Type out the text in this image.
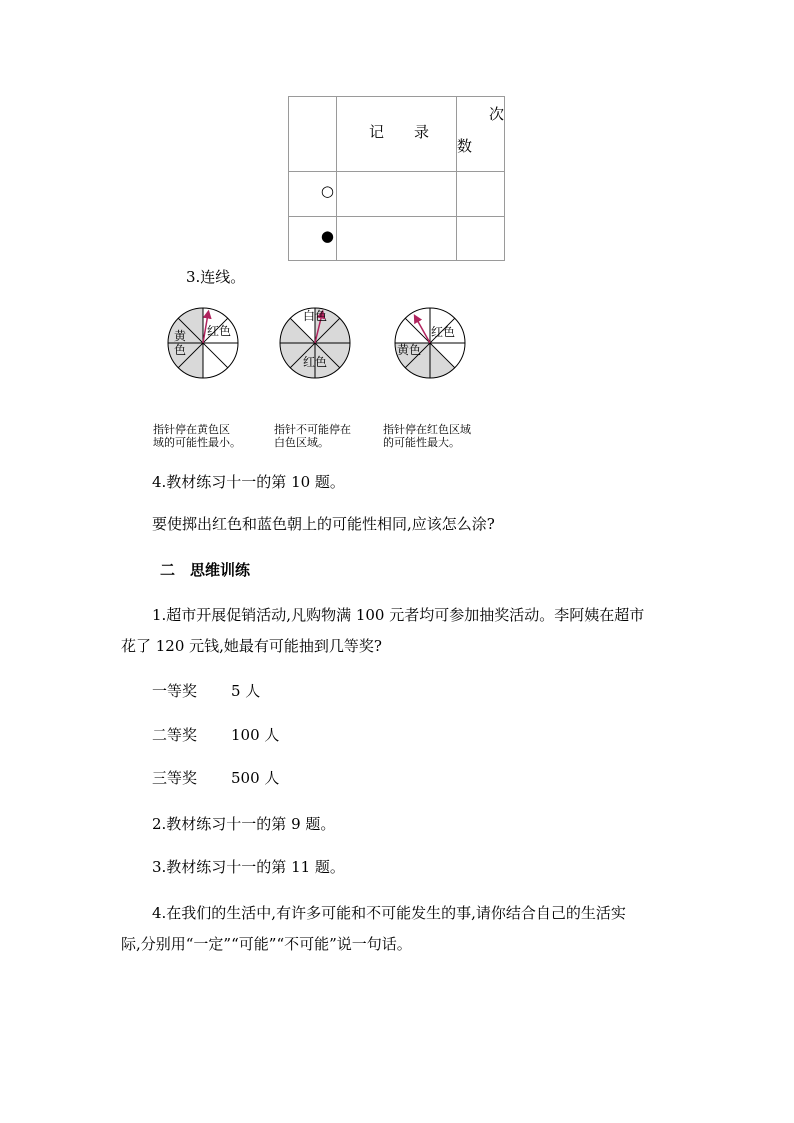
	记　　录	次
数

○		

●		

3.连线。
黄
色
红色
白色
红色
红色
黄色
指针停在黄色区
域的可能性最小。
指针不可能停在
白色区域。
指针停在红色区域
的可能性最大。
4.教材练习十一的第 10 题。
要使掷出红色和蓝色朝上的可能性相同,应该怎么涂?
二　思维训练
1.超市开展促销活动,凡购物满 100 元者均可参加抽奖活动。李阿姨在超市
花了 120 元钱,她最有可能抽到几等奖?
一等奖 5 人
二等奖 100 人
三等奖 500 人
2.教材练习十一的第 9 题。
3.教材练习十一的第 11 题。
4.在我们的生活中,有许多可能和不可能发生的事,请你结合自己的生活实
际,分别用“一定”“可能”“不可能”说一句话。
